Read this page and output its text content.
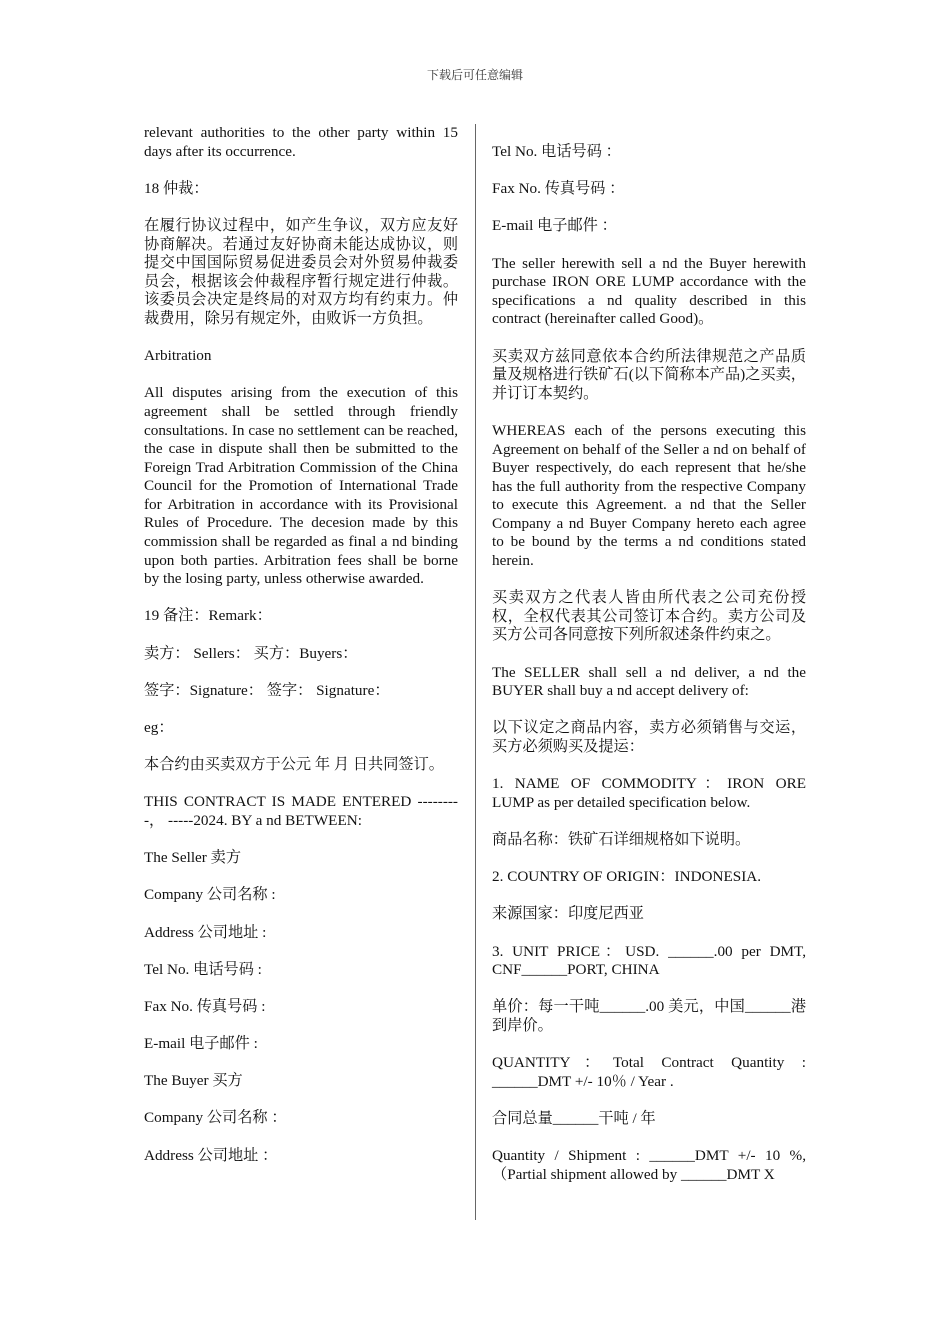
下载后可任意编辑

relevant authorities to the other party within 15 days after its occurrence.

18 仲裁：

在履行协议过程中，如产生争议，双方应友好协商解决。若通过友好协商未能达成协议，则提交中国国际贸易促进委员会对外贸易仲裁委员会，根据该会仲裁程序暂行规定进行仲裁。该委员会决定是终局的对双方均有约束力。仲裁费用，除另有规定外，由败诉一方负担。

Arbitration

All disputes arising from the execution of this agreement shall be settled through friendly consultations. In case no settlement can be reached, the case in dispute shall then be submitted to the Foreign Trad Arbitration Commission of the China Council for the Promotion of International Trade for Arbitration in accordance with its Provisional Rules of Procedure. The decesion made by this commission shall be regarded as final a nd binding upon both parties. Arbitration fees shall be borne by the losing party, unless otherwise awarded.

19 备注：Remark：

卖方： Sellers： 买方：Buyers：

签字：Signature： 签字： Signature：

eg：

本合约由买卖双方于公元 年 月 日共同签订。

THIS CONTRACT IS MADE ENTERED ---------， -----2024. BY a nd BETWEEN:

The Seller 卖方

Company 公司名称 :

Address 公司地址 :

Tel No. 电话号码 :

Fax No. 传真号码 :

E-mail 电子邮件 :

The Buyer 买方

Company 公司名称 ：

Address 公司地址 ：

Tel No. 电话号码 ：

Fax No. 传真号码 ：

E-mail 电子邮件 ：

The seller herewith sell a nd the Buyer herewith purchase IRON ORE LUMP accordance with the specifications a nd quality described in this contract (hereinafter called Good)。

买卖双方兹同意依本合约所法律规范之产品质量及规格进行铁矿石(以下简称本产品)之买卖，并订订本契约。

WHEREAS each of the persons executing this Agreement on behalf of the Seller a nd on behalf of Buyer respectively, do each represent that he/she has the full authority from the respective Company to execute this Agreement. a nd that the Seller Company a nd Buyer Company hereto each agree to be bound by the terms a nd conditions stated herein.

买卖双方之代表人皆由所代表之公司充份授权，全权代表其公司签订本合约。卖方公司及买方公司各同意按下列所叙述条件约束之。

The SELLER shall sell a nd deliver, a nd the BUYER shall buy a nd accept delivery of:

以下议定之商品内容，卖方必须销售与交运，买方必须购买及提运：

1. NAME OF COMMODITY：IRON ORE LUMP as per detailed specification below.

商品名称：铁矿石详细规格如下说明。

2. COUNTRY OF ORIGIN：INDONESIA.

来源国家：印度尼西亚

3. UNIT PRICE：USD. ______.00 per DMT, CNF______PORT, CHINA

单价：每一干吨______.00 美元，中国______港到岸价。

QUANTITY：Total Contract Quantity : ______DMT +/- 10％ / Year .

合同总量______干吨 / 年

Quantity / Shipment : ______DMT +/- 10 %,（Partial shipment allowed by ______DMT X
